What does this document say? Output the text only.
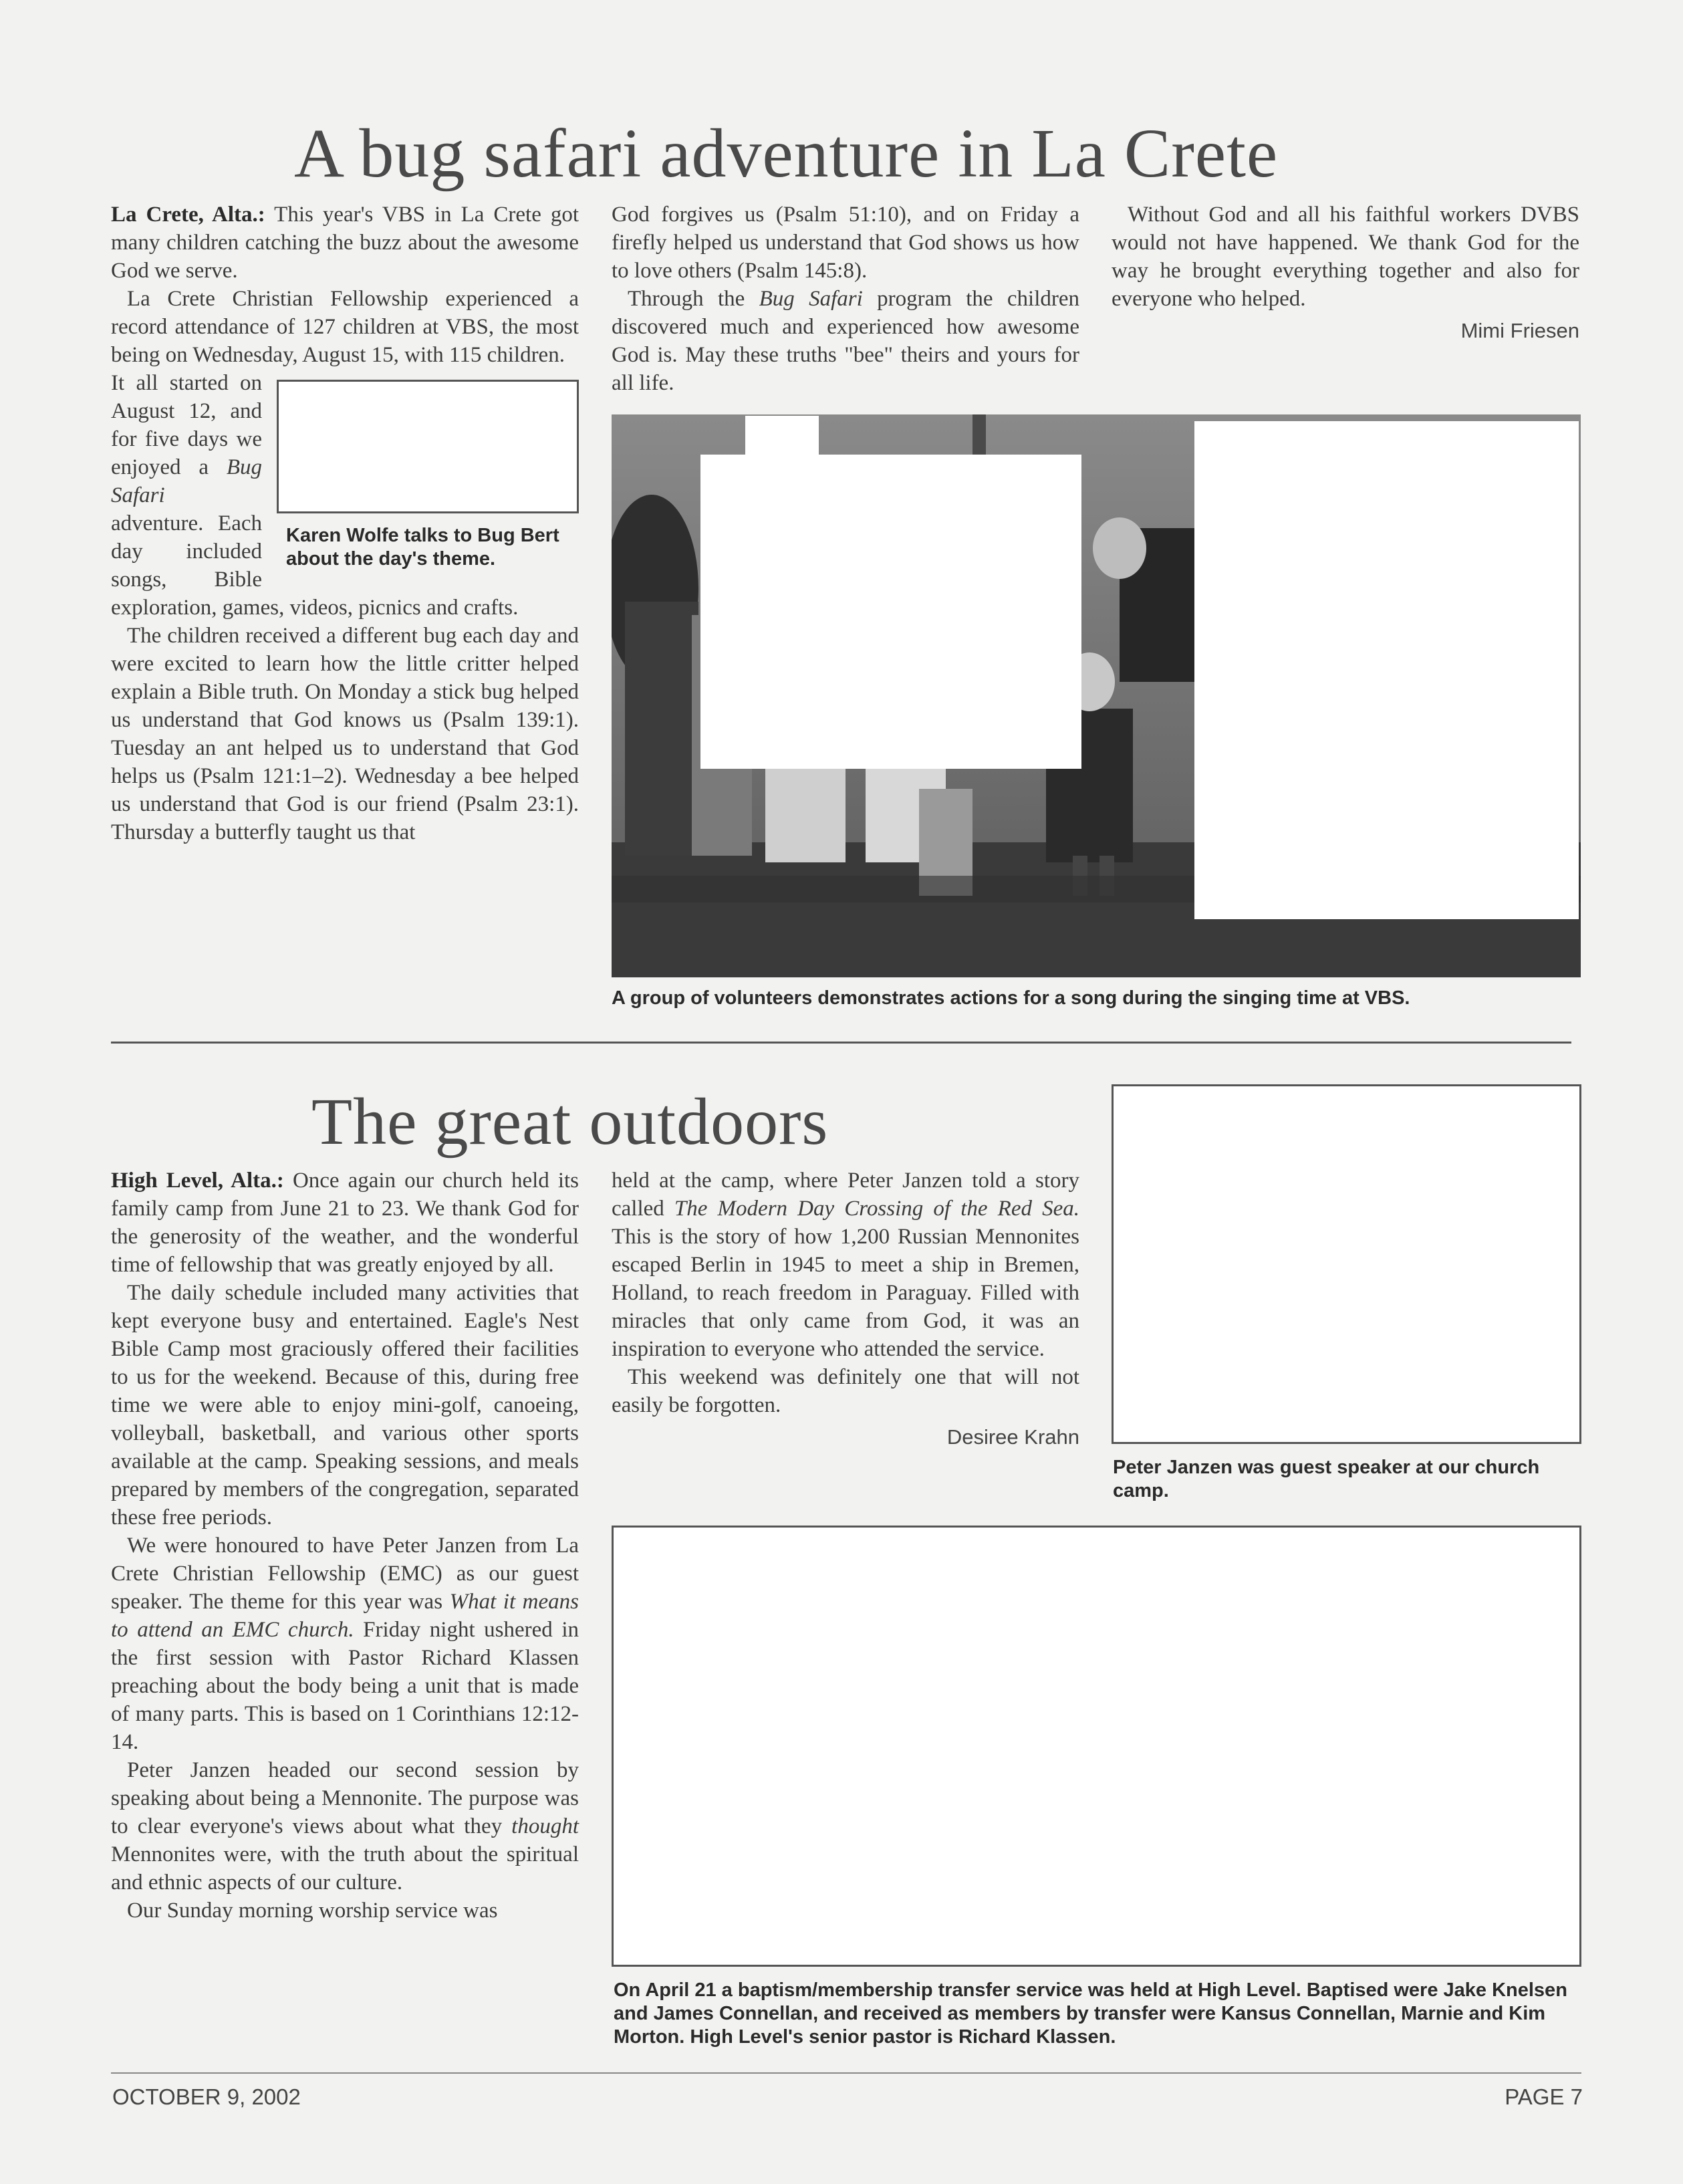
A bug safari adventure in La Crete

La Crete, Alta.: This year's VBS in La Crete got many children catching the buzz about the awesome God we serve.

La Crete Christian Fellowship experienced a record attendance of 127 children at VBS, the most being on Wednesday, August 15, with 115 children.

Karen Wolfe talks to Bug Bert about the day's theme.

It all started on August 12, and for five days we enjoyed a Bug Safari adventure. Each day included songs, Bible exploration, games, videos, picnics and crafts.

The children received a different bug each day and were excited to learn how the little critter helped explain a Bible truth. On Monday a stick bug helped us understand that God knows us (Psalm 139:1). Tuesday an ant helped us to understand that God helps us (Psalm 121:1–2). Wednesday a bee helped us understand that God is our friend (Psalm 23:1). Thursday a butterfly taught us that

God forgives us (Psalm 51:10), and on Friday a firefly helped us understand that God shows us how to love others (Psalm 145:8).

Through the Bug Safari program the children discovered much and experienced how awesome God is. May these truths "bee" theirs and yours for all life.

Without God and all his faithful workers DVBS would not have happened. We thank God for the way he brought everything together and also for everyone who helped.

Mimi Friesen

A group of volunteers demonstrates actions for a song during the singing time at VBS.
The great outdoors

High Level, Alta.: Once again our church held its family camp from June 21 to 23. We thank God for the generosity of the weather, and the wonderful time of fellowship that was greatly enjoyed by all.

The daily schedule included many activities that kept everyone busy and entertained. Eagle's Nest Bible Camp most graciously offered their facilities to us for the weekend. Because of this, during free time we were able to enjoy mini-golf, canoeing, volleyball, basketball, and various other sports available at the camp. Speaking sessions, and meals prepared by members of the congregation, separated these free periods.

We were honoured to have Peter Janzen from La Crete Christian Fellowship (EMC) as our guest speaker. The theme for this year was What it means to attend an EMC church. Friday night ushered in the first session with Pastor Richard Klassen preaching about the body being a unit that is made of many parts. This is based on 1 Corinthians 12:12-14.

Peter Janzen headed our second session by speaking about being a Mennonite. The purpose was to clear everyone's views about what they thought Mennonites were, with the truth about the spiritual and ethnic aspects of our culture.

Our Sunday morning worship service was

held at the camp, where Peter Janzen told a story called The Modern Day Crossing of the Red Sea. This is the story of how 1,200 Russian Mennonites escaped Berlin in 1945 to meet a ship in Bremen, Holland, to reach freedom in Paraguay. Filled with miracles that only came from God, it was an inspiration to everyone who attended the service.

This weekend was definitely one that will not easily be forgotten.

Desiree Krahn

Peter Janzen was guest speaker at our church camp.
On April 21 a baptism/membership transfer service was held at High Level. Baptised were Jake Knelsen and James Connellan, and received as members by transfer were Kansus Connellan, Marnie and Kim Morton. High Level's senior pastor is Richard Klassen.
OCTOBER 9, 2002	PAGE 7
